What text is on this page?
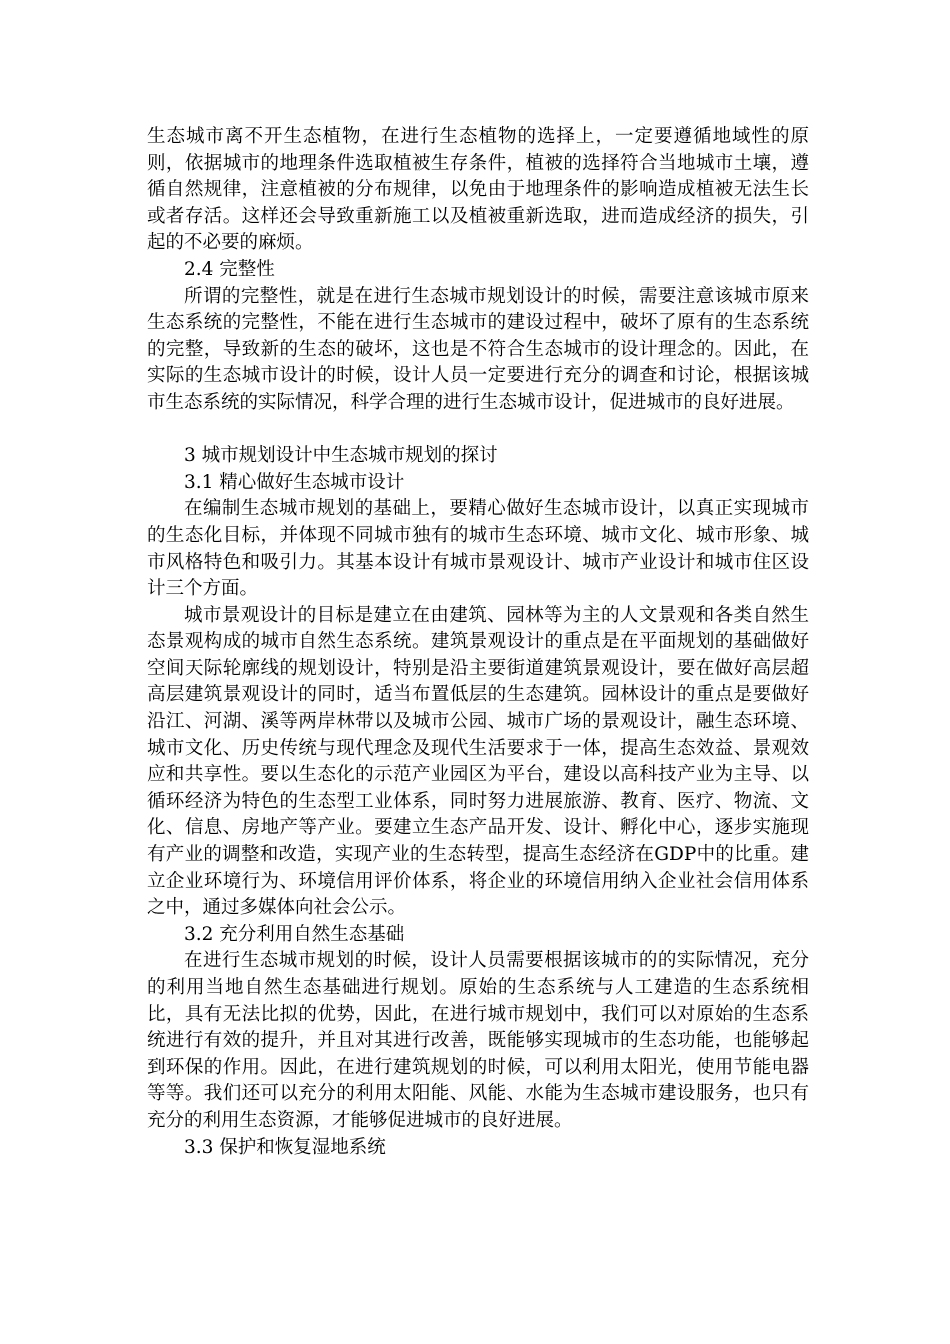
生态城市离不开生态植物，在进行生态植物的选择上，一定要遵循地域性的原则，依据城市的地理条件选取植被生存条件，植被的选择符合当地城市土壤，遵循自然规律，注意植被的分布规律，以免由于地理条件的影响造成植被无法生长或者存活。这样还会导致重新施工以及植被重新选取，进而造成经济的损失，引起的不必要的麻烦。

2.4 完整性

所谓的完整性，就是在进行生态城市规划设计的时候，需要注意该城市原来生态系统的完整性，不能在进行生态城市的建设过程中，破坏了原有的生态系统的完整，导致新的生态的破坏，这也是不符合生态城市的设计理念的。因此，在实际的生态城市设计的时候，设计人员一定要进行充分的调查和讨论，根据该城市生态系统的实际情况，科学合理的进行生态城市设计，促进城市的良好进展。

3 城市规划设计中生态城市规划的探讨

3.1 精心做好生态城市设计

在编制生态城市规划的基础上，要精心做好生态城市设计，以真正实现城市的生态化目标，并体现不同城市独有的城市生态环境、城市文化、城市形象、城市风格特色和吸引力。其基本设计有城市景观设计、城市产业设计和城市住区设计三个方面。

城市景观设计的目标是建立在由建筑、园林等为主的人文景观和各类自然生态景观构成的城市自然生态系统。建筑景观设计的重点是在平面规划的基础做好空间天际轮廓线的规划设计，特别是沿主要街道建筑景观设计，要在做好高层超高层建筑景观设计的同时，适当布置低层的生态建筑。园林设计的重点是要做好沿江、河湖、溪等两岸林带以及城市公园、城市广场的景观设计，融生态环境、城市文化、历史传统与现代理念及现代生活要求于一体，提高生态效益、景观效应和共享性。要以生态化的示范产业园区为平台，建设以高科技产业为主导、以循环经济为特色的生态型工业体系，同时努力进展旅游、教育、医疗、物流、文化、信息、房地产等产业。要建立生态产品开发、设计、孵化中心，逐步实施现有产业的调整和改造，实现产业的生态转型，提高生态经济在GDP中的比重。建立企业环境行为、环境信用评价体系，将企业的环境信用纳入企业社会信用体系之中，通过多媒体向社会公示。

3.2 充分利用自然生态基础

在进行生态城市规划的时候，设计人员需要根据该城市的的实际情况，充分的利用当地自然生态基础进行规划。原始的生态系统与人工建造的生态系统相比，具有无法比拟的优势，因此，在进行城市规划中，我们可以对原始的生态系统进行有效的提升，并且对其进行改善，既能够实现城市的生态功能，也能够起到环保的作用。因此，在进行建筑规划的时候，可以利用太阳光，使用节能电器等等。我们还可以充分的利用太阳能、风能、水能为生态城市建设服务，也只有充分的利用生态资源，才能够促进城市的良好进展。

3.3 保护和恢复湿地系统
